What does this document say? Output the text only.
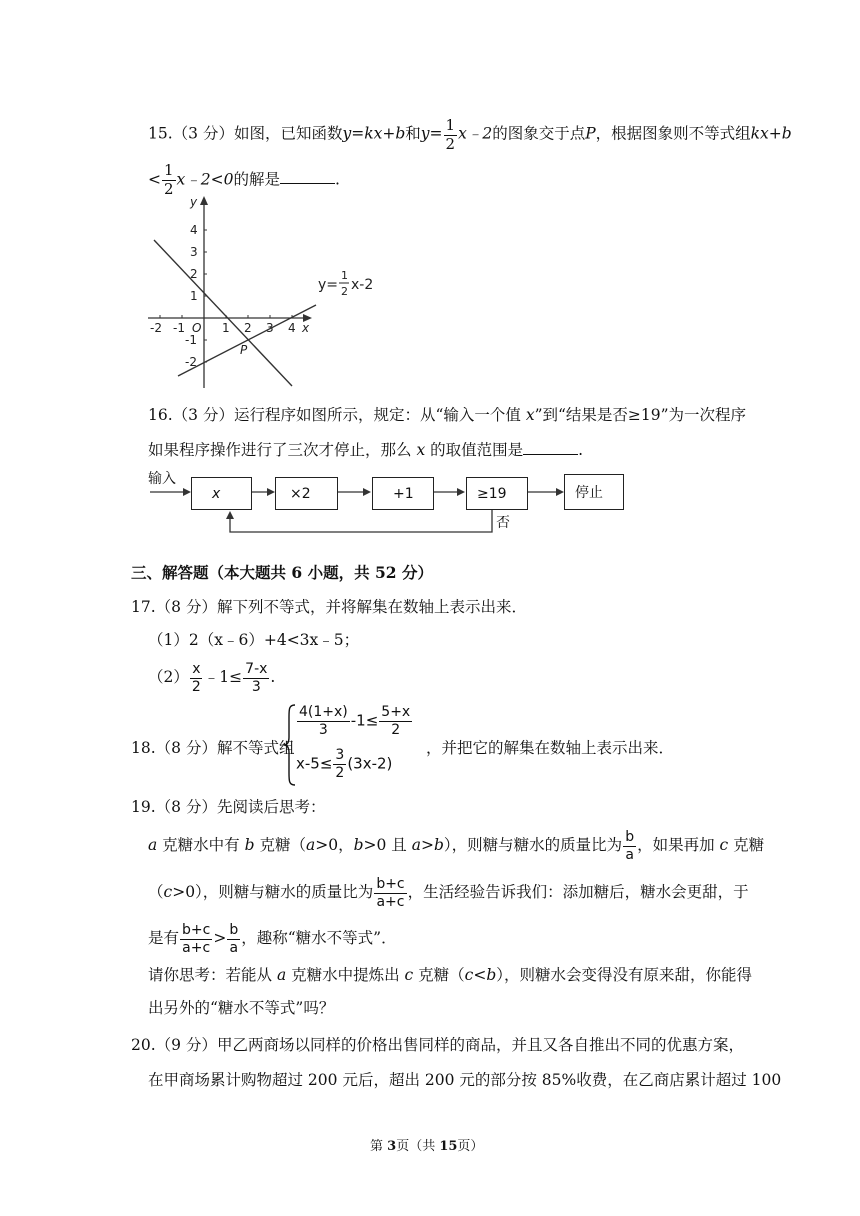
15.（3 分）如图，已知函数y=kx+b和$y= \frac{1}{2}$ x﹣2的图象交于点P，根据图象则不等式组kx+b
< $\frac{1}{2}$ x﹣2<0的解是	.
y
x
O
P
-2 -1	1 2 3 4
4
3
2
1
-1
-2
y=
1
2 x-2
16.（3 分）运行程序如图所示，规定：从“输入一个值 x”到“结果是否≥19”为一次程序
如果程序操作进行了三次才停止，那么 x 的取值范围是	.
输入
x	×2	+1	≥19	停止
否
三、解答题（本大题共 6 小题，共 52 分）
17.（8 分）解下列不等式，并将解集在数轴上表示出来．
（1）2（x﹣6）+4<3x﹣5；
$(2) \frac{x}{2}$ ﹣1≤ $\frac{7-x}{3}$ .
18.（8 分）解不等式组
$\frac{4(1+x)}{3} -1\le \frac{5+x}{2}$
$x-5\le \frac{3}{2} (3x-2)$
，并把它的解集在数轴上表示出来．
19.（8 分）先阅读后思考：
a 克糖水中有 b 克糖（a>0，b>0 且 a>b），则糖与糖水的质量比为 $\frac{b}{a}$ ，如果再加 c 克糖
（c>0），则糖与糖水的质量比为 $\frac{b+c}{a+c}$ ，生活经验告诉我们：添加糖后，糖水会更甜，于
是有 $\frac{b+c}{a+c} > \frac{b}{a}$ ，趣称“糖水不等式”．
请你思考：若能从 a 克糖水中提炼出 c 克糖（c<b），则糖水会变得没有原来甜，你能得
出另外的“糖水不等式”吗？
20.（9 分）甲乙两商场以同样的价格出售同样的商品，并且又各自推出不同的优惠方案，
在甲商场累计购物超过 200 元后，超出 200 元的部分按 85%收费，在乙商店累计超过 100
第 3页（共 15页）
